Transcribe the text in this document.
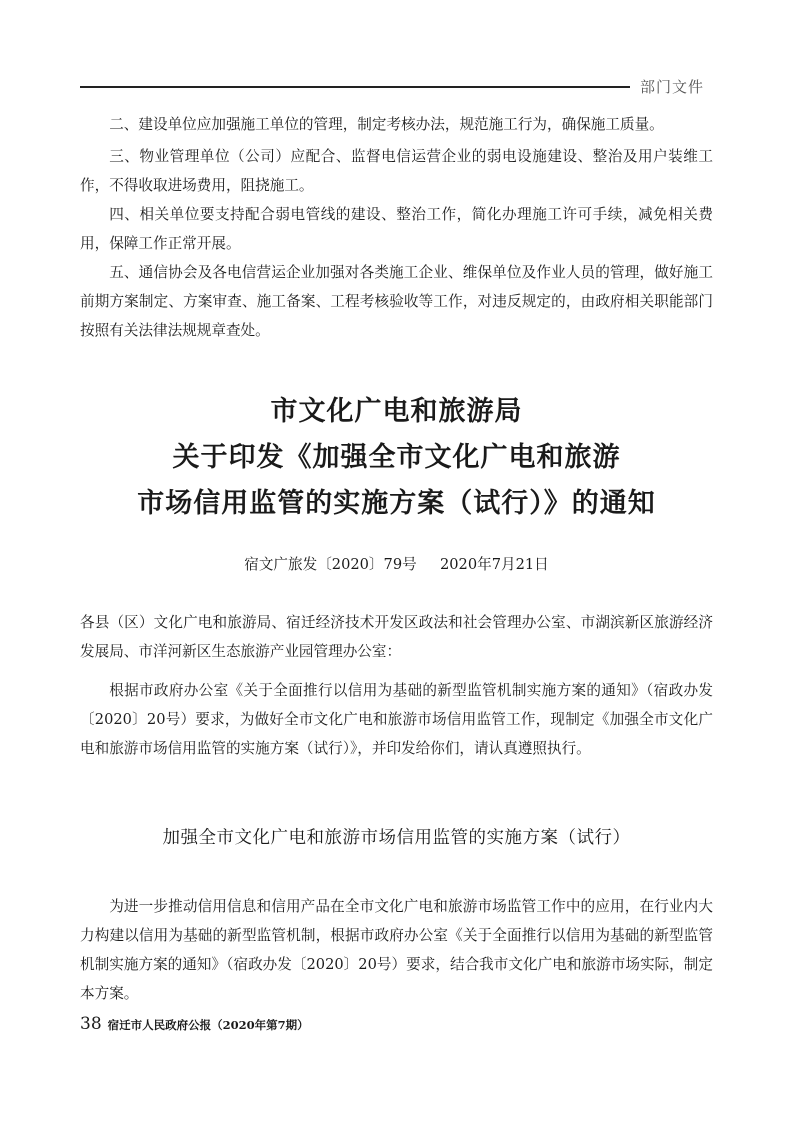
部门文件

二、建设单位应加强施工单位的管理，制定考核办法，规范施工行为，确保施工质量。

三、物业管理单位（公司）应配合、监督电信运营企业的弱电设施建设、整治及用户装维工作，不得收取进场费用，阻挠施工。

四、相关单位要支持配合弱电管线的建设、整治工作，简化办理施工许可手续，减免相关费用，保障工作正常开展。

五、通信协会及各电信营运企业加强对各类施工企业、维保单位及作业人员的管理，做好施工前期方案制定、方案审查、施工备案、工程考核验收等工作，对违反规定的，由政府相关职能部门按照有关法律法规规章查处。

市文化广电和旅游局
关于印发《加强全市文化广电和旅游
市场信用监管的实施方案（试行）》的通知
宿文广旅发〔2020〕79号 2020年7月21日

各县（区）文化广电和旅游局、宿迁经济技术开发区政法和社会管理办公室、市湖滨新区旅游经济发展局、市洋河新区生态旅游产业园管理办公室：

根据市政府办公室《关于全面推行以信用为基础的新型监管机制实施方案的通知》（宿政办发〔2020〕20号）要求，为做好全市文化广电和旅游市场信用监管工作，现制定《加强全市文化广电和旅游市场信用监管的实施方案（试行）》，并印发给你们，请认真遵照执行。

加强全市文化广电和旅游市场信用监管的实施方案（试行）

为进一步推动信用信息和信用产品在全市文化广电和旅游市场监管工作中的应用，在行业内大力构建以信用为基础的新型监管机制，根据市政府办公室《关于全面推行以信用为基础的新型监管机制实施方案的通知》（宿政办发〔2020〕20号）要求，结合我市文化广电和旅游市场实际，制定本方案。

38 宿迁市人民政府公报（2020年第7期）
